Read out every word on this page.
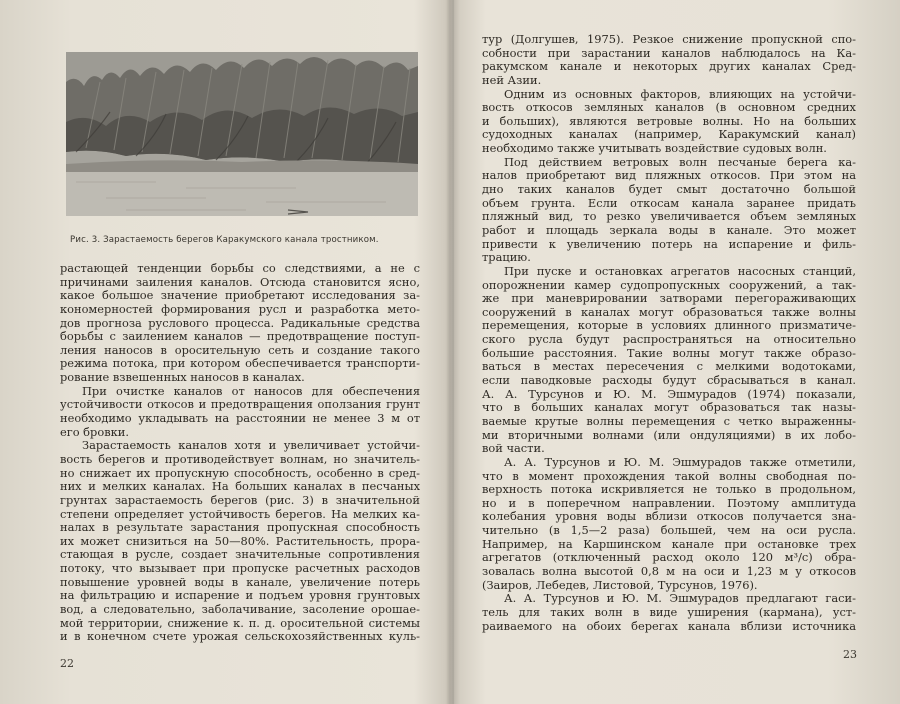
Рис. 3. Зарастаемость берегов Каракумского канала тростником.
растающей тенденции борьбы со следствиями, а не с
причинами заиления каналов. Отсюда становится ясно,
какое большое значение приобретают исследования за-
кономерностей формирования русл и разработка мето-
дов прогноза руслового процесса. Радикальные средства
борьбы с заилением каналов — предотвращение поступ-
ления наносов в оросительную сеть и создание такого
режима потока, при котором обеспечивается транспорти-
рование взвешенных наносов в каналах.
При очистке каналов от наносов для обеспечения
устойчивости откосов и предотвращения оползания грунт
необходимо укладывать на расстоянии не менее 3 м от
его бровки.
Зарастаемость каналов хотя и увеличивает устойчи-
вость берегов и противодействует волнам, но значитель-
но снижает их пропускную способность, особенно в сред-
них и мелких каналах. На больших каналах в песчаных
грунтах зарастаемость берегов (рис. 3) в значительной
степени определяет устойчивость берегов. На мелких ка-
налах в результате зарастания пропускная способность
их может снизиться на 50—80%. Растительность, прора-
стающая в русле, создает значительные сопротивления
потоку, что вызывает при пропуске расчетных расходов
повышение уровней воды в канале, увеличение потерь
на фильтрацию и испарение и подъем уровня грунтовых
вод, а следовательно, заболачивание, засоление орошае-
мой территории, снижение к. п. д. оросительной системы
и в конечном счете урожая сельскохозяйственных куль-
22
тур (Долгушев, 1975). Резкое снижение пропускной спо-
собности при зарастании каналов наблюдалось на Ка-
ракумском канале и некоторых других каналах Сред-
ней Азии.
Одним из основных факторов, влияющих на устойчи-
вость откосов земляных каналов (в основном средних
и больших), являются ветровые волны. Но на больших
судоходных каналах (например, Каракумский канал)
необходимо также учитывать воздействие судовых волн.
Под действием ветровых волн песчаные берега ка-
налов приобретают вид пляжных откосов. При этом на
дно таких каналов будет смыт достаточно большой
объем грунта. Если откосам канала заранее придать
пляжный вид, то резко увеличивается объем земляных
работ и площадь зеркала воды в канале. Это может
привести к увеличению потерь на испарение и филь-
трацию.
При пуске и остановках агрегатов насосных станций,
опорожнении камер судопропускных сооружений, а так-
же при маневрировании затворами перегораживающих
сооружений в каналах могут образоваться также волны
перемещения, которые в условиях длинного призматиче-
ского русла будут распространяться на относительно
большие расстояния. Такие волны могут также образо-
ваться в местах пересечения с мелкими водотоками,
если паводковые расходы будут сбрасываться в канал.
А. А. Турсунов и Ю. М. Эшмурадов (1974) показали,
что в больших каналах могут образоваться так назы-
ваемые крутые волны перемещения с четко выраженны-
ми вторичными волнами (или ондуляциями) в их лобо-
вой части.
А. А. Турсунов и Ю. М. Эшмурадов также отметили,
что в момент прохождения такой волны свободная по-
верхность потока искривляется не только в продольном,
но и в поперечном направлении. Поэтому амплитуда
колебания уровня воды вблизи откосов получается зна-
чительно (в 1,5—2 раза) большей, чем на оси русла.
Например, на Каршинском канале при остановке трех
агрегатов (отключенный расход около 120 м³/с) обра-
зовалась волна высотой 0,8 м на оси и 1,23 м у откосов
(Заиров, Лебедев, Листовой, Турсунов, 1976).
А. А. Турсунов и Ю. М. Эшмурадов предлагают гаси-
тель для таких волн в виде уширения (кармана), уст-
раиваемого на обоих берегах канала вблизи источника
23
